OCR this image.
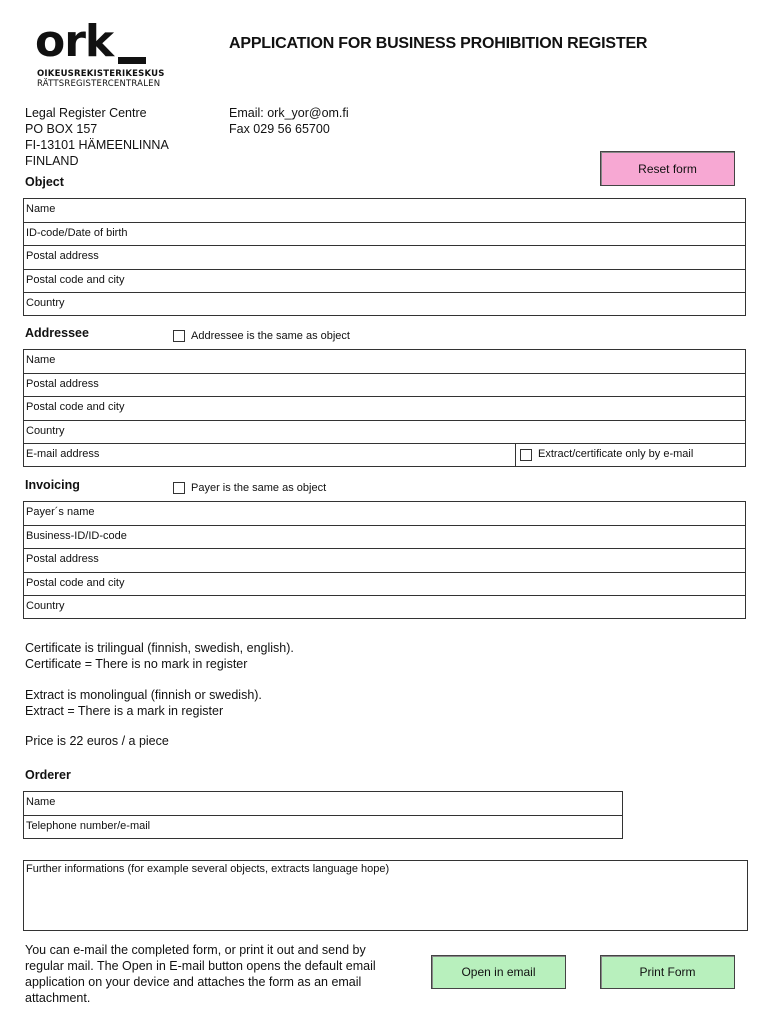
ork
OIKEUSREKISTERIKESKUS
RÄTTSREGISTERCENTRALEN
APPLICATION FOR BUSINESS PROHIBITION REGISTER
Legal Register Centre
PO BOX 157
FI-13101 HÄMEENLINNA
FINLAND
Email: ork_yor@om.fi
Fax 029 56 65700
Reset form
Object
Name
ID-code/Date of birth
Postal address
Postal code and city
Country
Addressee	Addressee is the same as object
Name
Postal address
Postal code and city
Country
E-mail address	Extract/certificate only by e-mail
Invoicing	Payer is the same as object
Payer´s name
Business-ID/ID-code
Postal address
Postal code and city
Country
Certificate is trilingual (finnish, swedish, english).
Certificate = There is no mark in register
Extract is monolingual (finnish or swedish).
Extract = There is a mark in register
Price is 22 euros / a piece
Orderer
Name
Telephone number/e-mail
Further informations (for example several objects, extracts language hope)
You can e-mail the completed form, or print it out and send by
regular mail. The Open in E-mail button opens the default email
application on your device and attaches the form as an email
attachment.
Open in email	Print Form
